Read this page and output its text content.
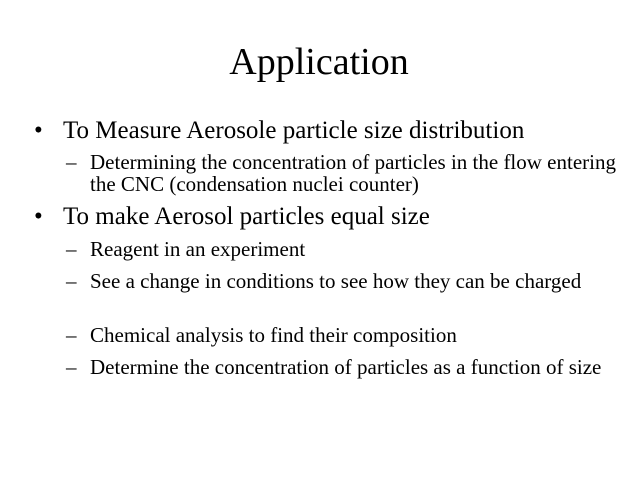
Application
• To Measure Aerosole particle size distribution
– Determining the concentration of particles in the flow entering the CNC (condensation nuclei counter)
• To make Aerosol particles equal size
– Reagent in an experiment
– See a change in conditions to see how they can be charged
– Chemical analysis to find their composition
– Determine the concentration of particles as a function of size
